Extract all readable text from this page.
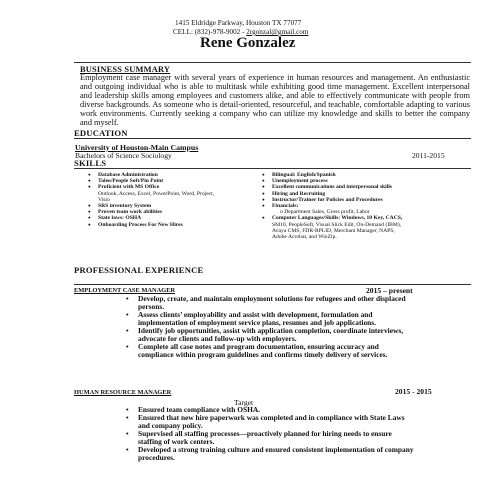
1415 Eldridge Parkway, Houston TX 77077
CELL: (832)-978-9002 - 2rgonzal@gmail.com
Rene Gonzalez
BUSINESS SUMMARY
Employment case manager with several years of experience in human resources and management. An enthusiastic and outgoing individual who is able to multitask while exhibiting good time management. Excellent interpersonal and leadership skills among employees and customers alike, and able to effectively communicate with people from diverse backgrounds. As someone who is detail-oriented, resourceful, and teachable, comfortable adapting to various work environments. Currently seeking a company who can utilize my knowledge and skills to better the company and myself.
EDUCATION
University of Houston-Main Campus
Bachelors of Science Sociology	2011-2015
SKILLS
● Database Administration
● Taleo/People Soft/Pin Point
● Proficient with MS Office
Outlook, Access, Excel, PowerPoint, Word, Project,
Visio
● SRS inventory System
● Proven team work abilities
● State laws: OSHA
● Onboarding Process For New Hires
● Bilingual: English/Spanish
● Unemployment process
● Excellent communications and interpersonal skills
● Hiring and Recruiting
● Instructor/Trainer for Policies and Procedures
● Financials:
o Department Sales, Gross profit, Labor
● Computer Languages/Skills: Windows, 10 Key, CACS,
SM10, PeopleSoft, Visual Slick Edit, On-Demand (IBM),
Avaya CMS, FDR-RPLID, Merchant Manager, NAPS,
Adobe Acrobat, and WinZip.
PROFESSIONAL EXPERIENCE
EMPLOYMENT CASE MANAGER	2015 – present
• Develop, create, and maintain employment solutions for refugees and other displaced persons.
• Assess clients’ employability and assist with development, formulation and implementation of employment service plans, resumes and job applications.
• Identify job opportunities, assist with application completion, coordinate interviews, advocate for clients and follow-up with employers.
• Complete all case notes and program documentation, ensuring accuracy and compliance within program guidelines and confirms timely delivery of services.
HUMAN RESOURCE MANAGER	2015 - 2015
Target
• Ensured team compliance with OSHA.
• Ensured that new hire paperwork was completed and in compliance with State Laws and company policy.
• Supervised all staffing processes—proactively planned for hiring needs to ensure staffing of work centers.
• Developed a strong training culture and ensured consistent implementation of company procedures.
